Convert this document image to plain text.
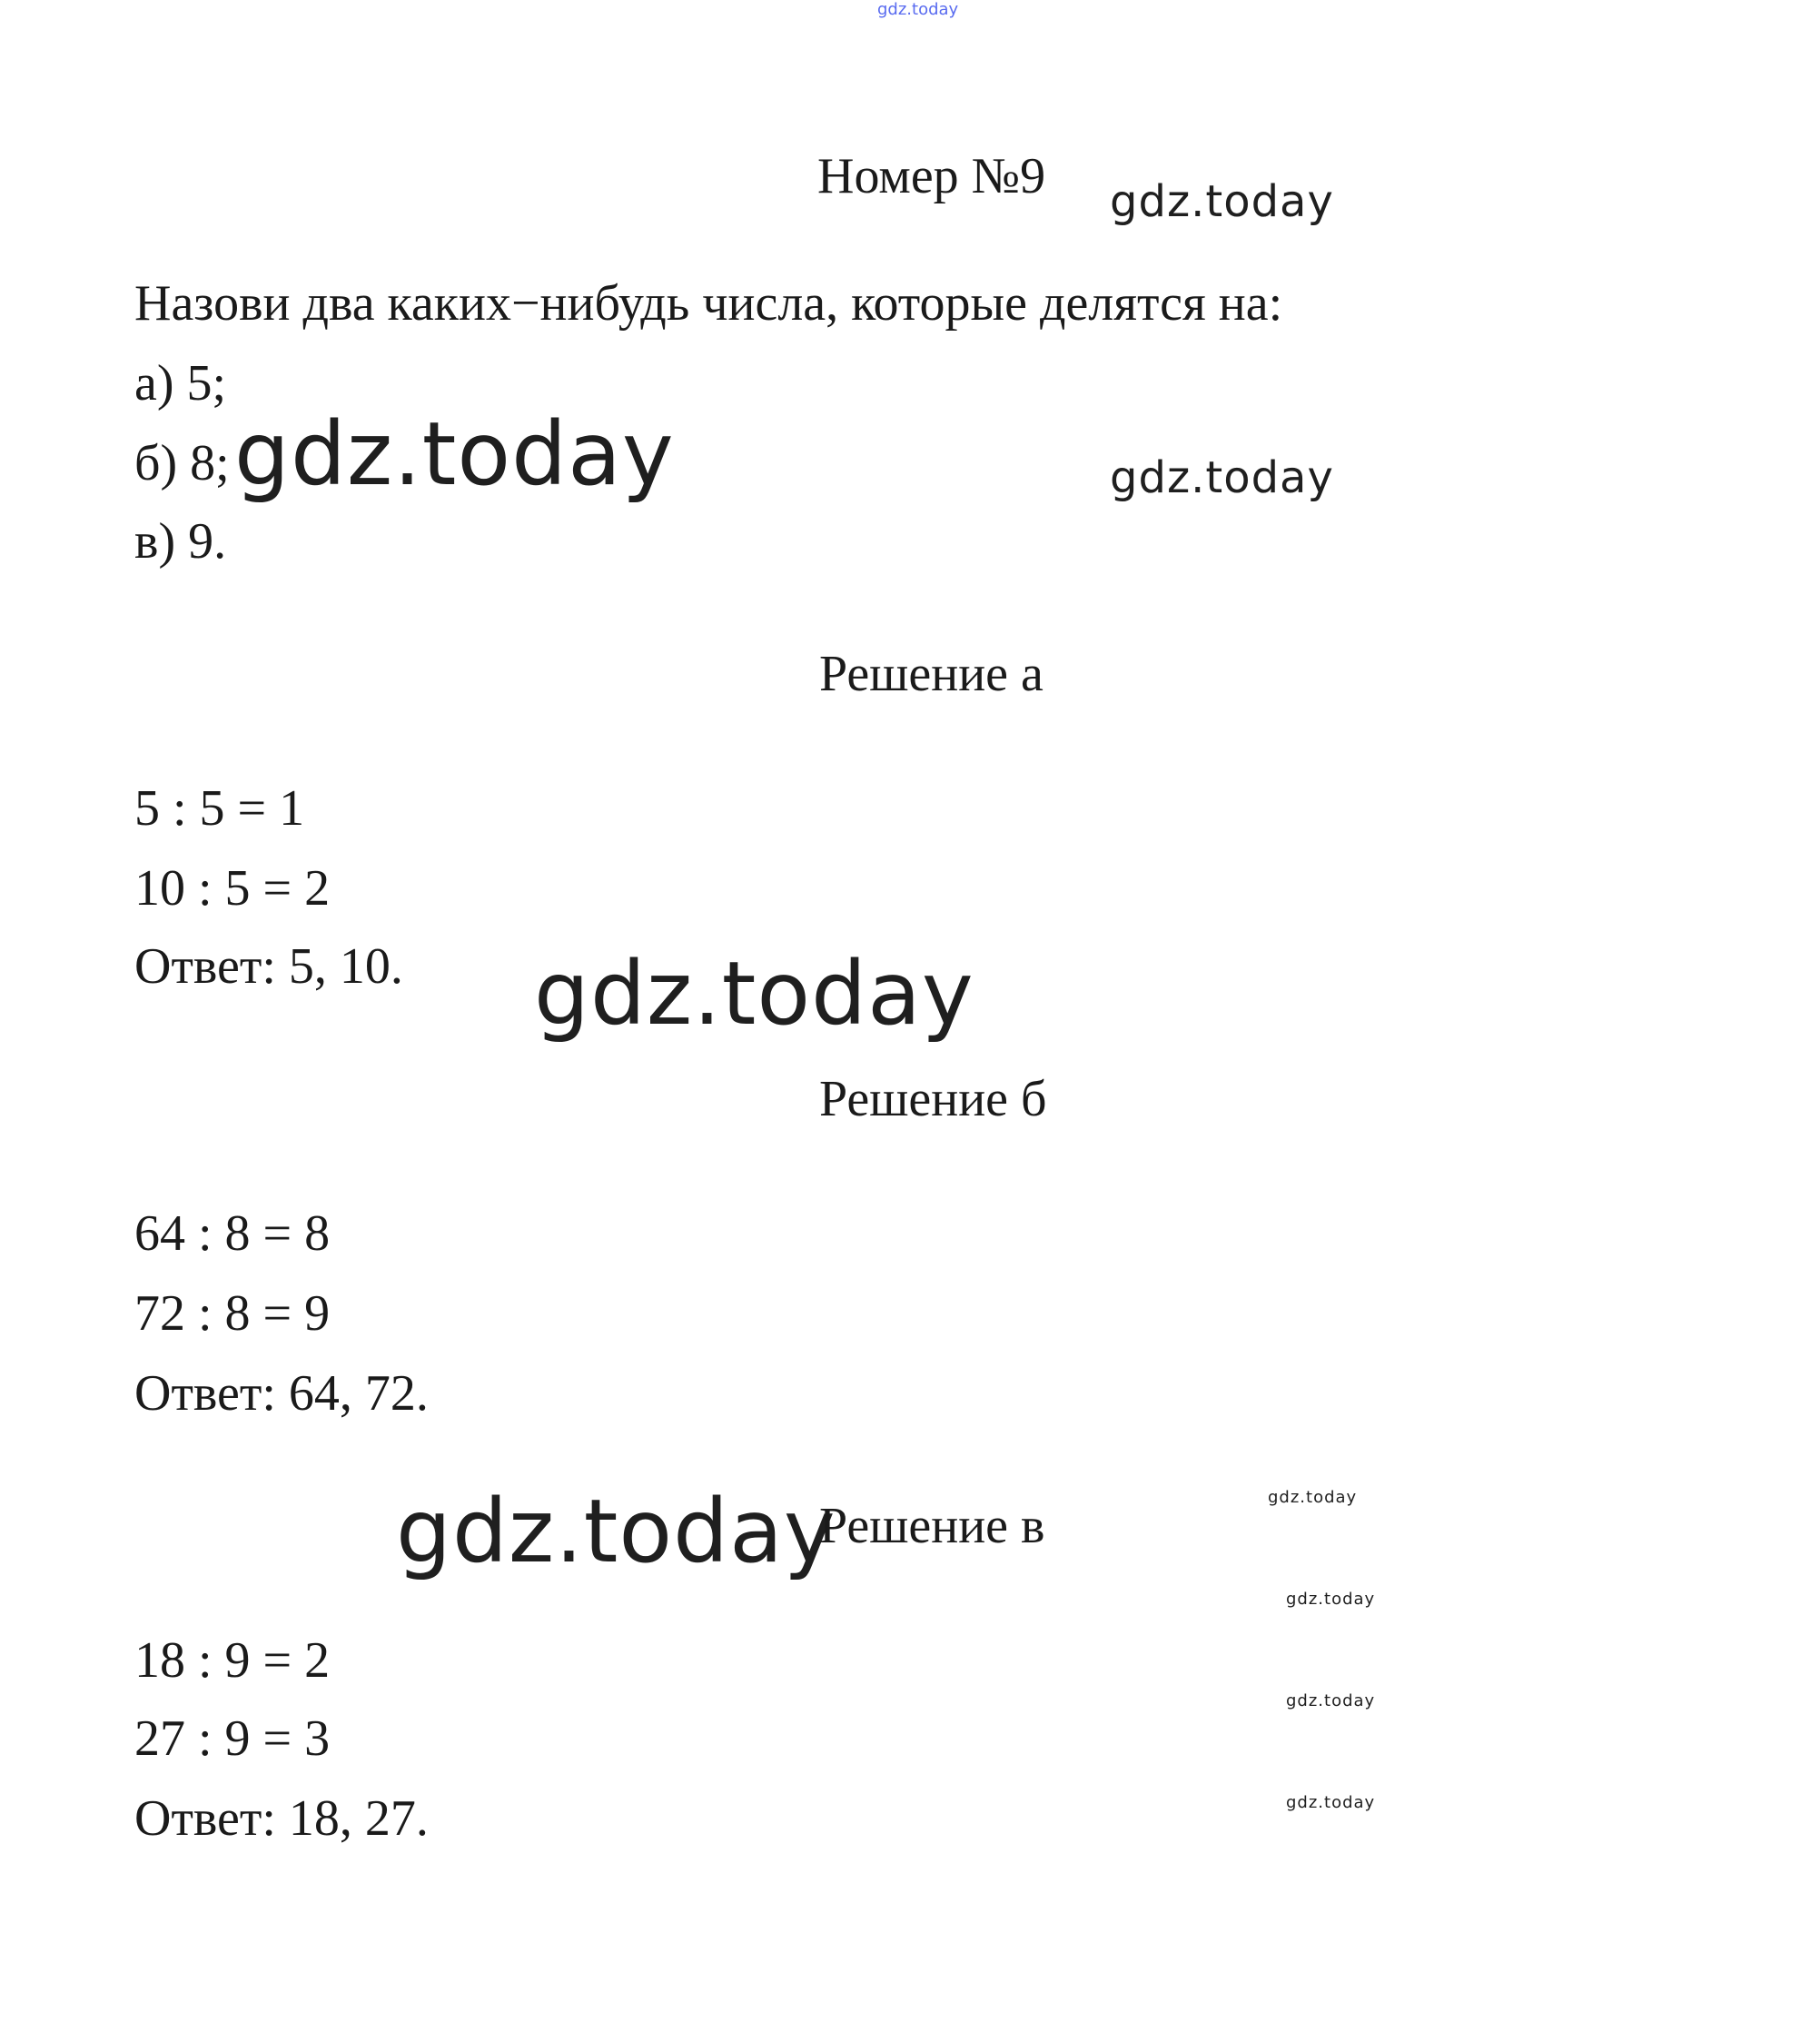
gdz.today
Номер №9 gdz.today
Назови два каких−нибудь числа, которые делятся на:
а) 5;
б) 8;
в) 9.
gdz.today	gdz.today
Решение а
5 : 5 = 1
10 : 5 = 2
Ответ: 5, 10. gdz.today
Решение б
64 : 8 = 8
72 : 8 = 9
Ответ: 64, 72.
gdz.today
Решение в
gdz.today
gdz.today
18 : 9 = 2
gdz.today
27 : 9 = 3
gdz.today
Ответ: 18, 27.
